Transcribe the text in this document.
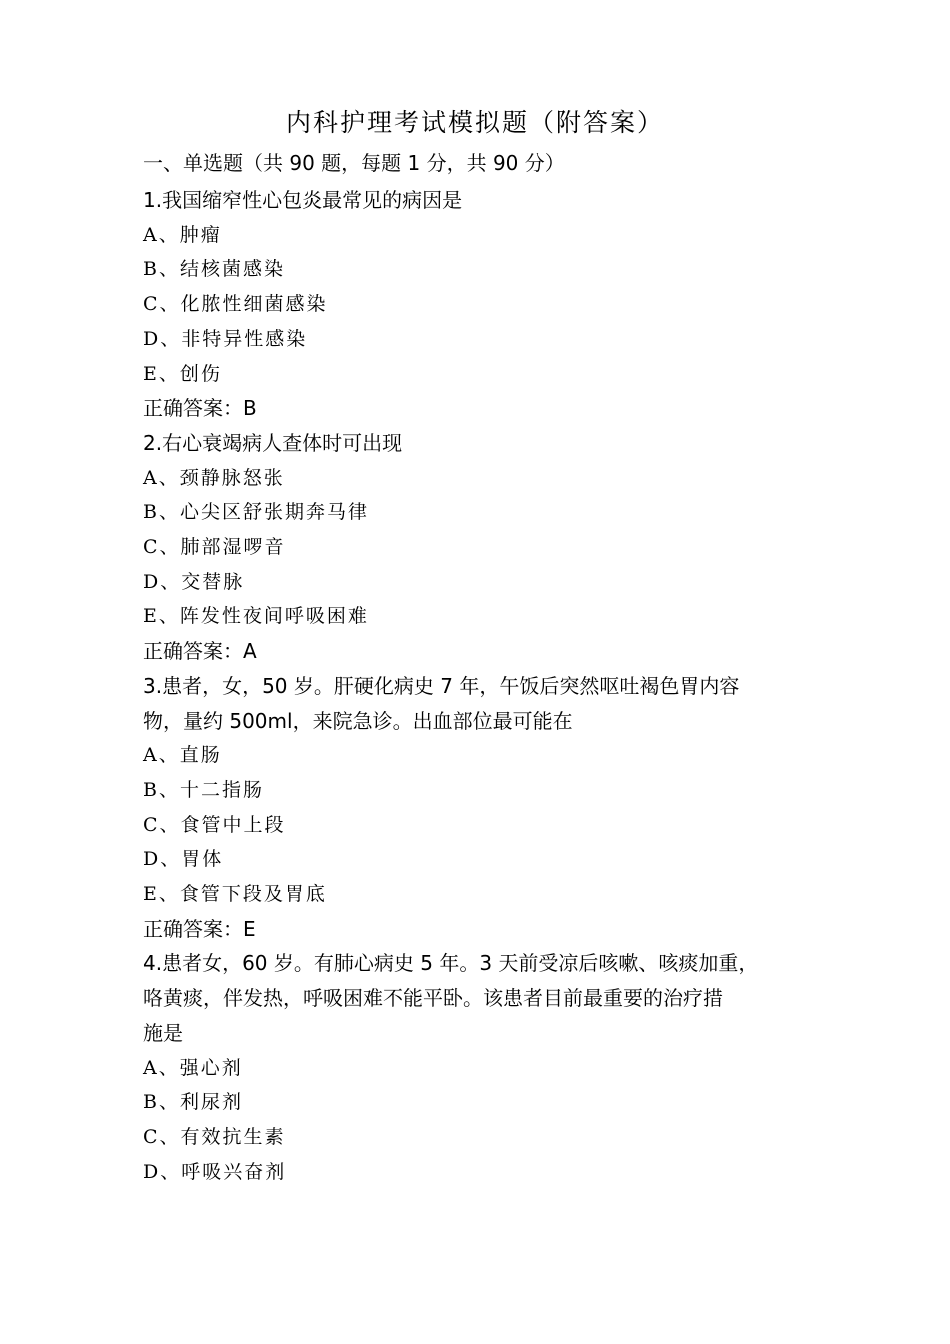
内科护理考试模拟题（附答案）
一、单选题（共 90 题，每题 1 分，共 90 分）
1.我国缩窄性心包炎最常见的病因是
A、肿瘤
B、结核菌感染
C、化脓性细菌感染
D、非特异性感染
E、创伤
正确答案：B
2.右心衰竭病人查体时可出现
A、颈静脉怒张
B、心尖区舒张期奔马律
C、肺部湿啰音
D、交替脉
E、阵发性夜间呼吸困难
正确答案：A
3.患者，女，50 岁。肝硬化病史 7 年，午饭后突然呕吐褐色胃内容
物，量约 500ml，来院急诊。出血部位最可能在
A、直肠
B、十二指肠
C、食管中上段
D、胃体
E、食管下段及胃底
正确答案：E
4.患者女，60 岁。有肺心病史 5 年。3 天前受凉后咳嗽、咳痰加重，
咯黄痰，伴发热，呼吸困难不能平卧。该患者目前最重要的治疗措
施是
A、强心剂
B、利尿剂
C、有效抗生素
D、呼吸兴奋剂
